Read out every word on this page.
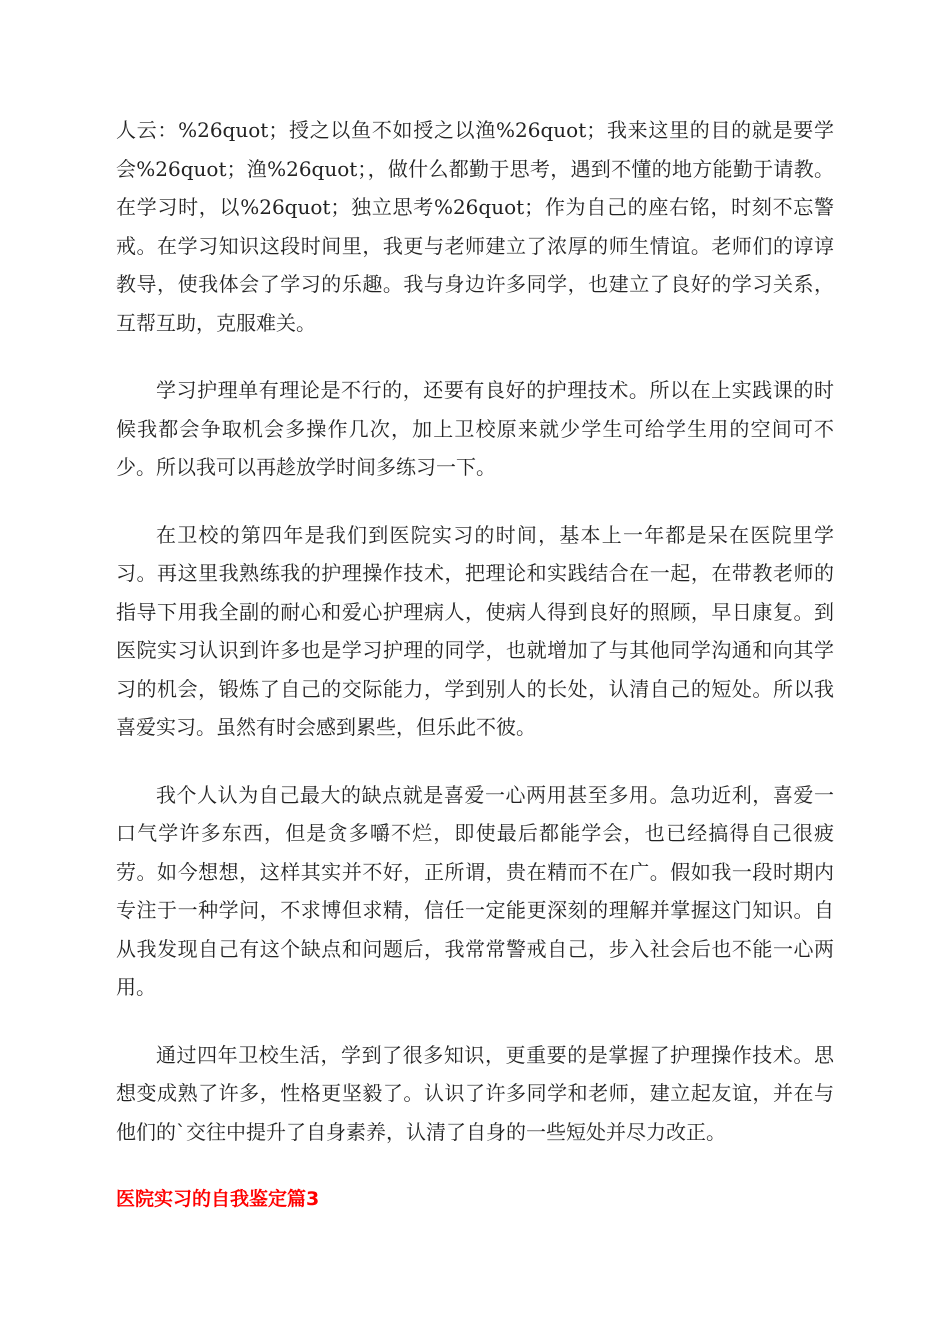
人云：%26quot；授之以鱼不如授之以渔%26quot；我来这里的目的就是要学会%26quot；渔%26quot；，做什么都勤于思考，遇到不懂的地方能勤于请教。在学习时，以%26quot；独立思考%26quot；作为自己的座右铭，时刻不忘警戒。在学习知识这段时间里，我更与老师建立了浓厚的师生情谊。老师们的谆谆教导，使我体会了学习的乐趣。我与身边许多同学，也建立了良好的学习关系，互帮互助，克服难关。

学习护理单有理论是不行的，还要有良好的护理技术。所以在上实践课的时候我都会争取机会多操作几次，加上卫校原来就少学生可给学生用的空间可不少。所以我可以再趁放学时间多练习一下。

在卫校的第四年是我们到医院实习的时间，基本上一年都是呆在医院里学习。再这里我熟练我的护理操作技术，把理论和实践结合在一起，在带教老师的指导下用我全副的耐心和爱心护理病人，使病人得到良好的照顾，早日康复。到医院实习认识到许多也是学习护理的同学，也就增加了与其他同学沟通和向其学习的机会，锻炼了自己的交际能力，学到别人的长处，认清自己的短处。所以我喜爱实习。虽然有时会感到累些，但乐此不彼。

我个人认为自己最大的缺点就是喜爱一心两用甚至多用。急功近利，喜爱一口气学许多东西，但是贪多嚼不烂，即使最后都能学会，也已经搞得自己很疲劳。如今想想，这样其实并不好，正所谓，贵在精而不在广。假如我一段时期内专注于一种学问，不求博但求精，信任一定能更深刻的理解并掌握这门知识。自从我发现自己有这个缺点和问题后，我常常警戒自己，步入社会后也不能一心两用。

通过四年卫校生活，学到了很多知识，更重要的是掌握了护理操作技术。思想变成熟了许多，性格更坚毅了。认识了许多同学和老师，建立起友谊，并在与他们的`交往中提升了自身素养，认清了自身的一些短处并尽力改正。

医院实习的自我鉴定篇3
